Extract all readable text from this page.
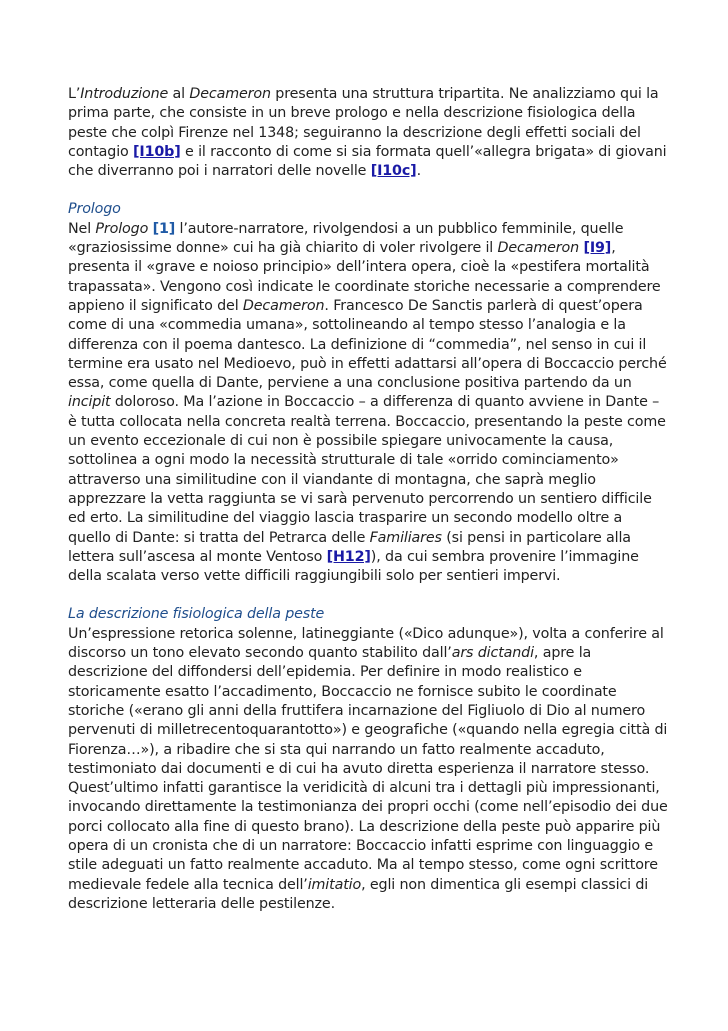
L’Introduzione al Decameron presenta una struttura tripartita. Ne analizziamo qui la prima parte, che consiste in un breve prologo e nella descrizione fisiologica della peste che colpì Firenze nel 1348; seguiranno la descrizione degli effetti sociali del contagio [I10b] e il racconto di come si sia formata quell’«allegra brigata» di giovani che diverranno poi i narratori delle novelle [I10c].

Prologo

Nel Prologo [1] l’autore-narratore, rivolgendosi a un pubblico femminile, quelle «graziosissime donne» cui ha già chiarito di voler rivolgere il Decameron [I9], presenta il «grave e noioso principio» dell’intera opera, cioè la «pestifera mortalità trapassata». Vengono così indicate le coordinate storiche necessarie a comprendere appieno il significato del Decameron. Francesco De Sanctis parlerà di quest’opera come di una «commedia umana», sottolineando al tempo stesso l’analogia e la differenza con il poema dantesco. La definizione di “commedia”, nel senso in cui il termine era usato nel Medioevo, può in effetti adattarsi all’opera di Boccaccio perché essa, come quella di Dante, perviene a una conclusione positiva partendo da un incipit doloroso. Ma l’azione in Boccaccio – a differenza di quanto avviene in Dante – è tutta collocata nella concreta realtà terrena. Boccaccio, presentando la peste come un evento eccezionale di cui non è possibile spiegare univocamente la causa, sottolinea a ogni modo la necessità strutturale di tale «orrido cominciamento» attraverso una similitudine con il viandante di montagna, che saprà meglio apprezzare la vetta raggiunta se vi sarà pervenuto percorrendo un sentiero difficile ed erto. La similitudine del viaggio lascia trasparire un secondo modello oltre a quello di Dante: si tratta del Petrarca delle Familiares (si pensi in particolare alla lettera sull’ascesa al monte Ventoso [H12]), da cui sembra provenire l’immagine della scalata verso vette difficili raggiungibili solo per sentieri impervi.

La descrizione fisiologica della peste

Un’espressione retorica solenne, latineggiante («Dico adunque»), volta a conferire al discorso un tono elevato secondo quanto stabilito dall’ars dictandi, apre la descrizione del diffondersi dell’epidemia. Per definire in modo realistico e storicamente esatto l’accadimento, Boccaccio ne fornisce subito le coordinate storiche («erano gli anni della fruttifera incarnazione del Figliuolo di Dio al numero pervenuti di milletrecentoquarantotto») e geografiche («quando nella egregia città di Fiorenza…»), a ribadire che si sta qui narrando un fatto realmente accaduto, testimoniato dai documenti e di cui ha avuto diretta esperienza il narratore stesso. Quest’ultimo infatti garantisce la veridicità di alcuni tra i dettagli più impressionanti, invocando direttamente la testimonianza dei propri occhi (come nell’episodio dei due porci collocato alla fine di questo brano). La descrizione della peste può apparire più opera di un cronista che di un narratore: Boccaccio infatti esprime con linguaggio e stile adeguati un fatto realmente accaduto. Ma al tempo stesso, come ogni scrittore medievale fedele alla tecnica dell’imitatio, egli non dimentica gli esempi classici di descrizione letteraria delle pestilenze.
